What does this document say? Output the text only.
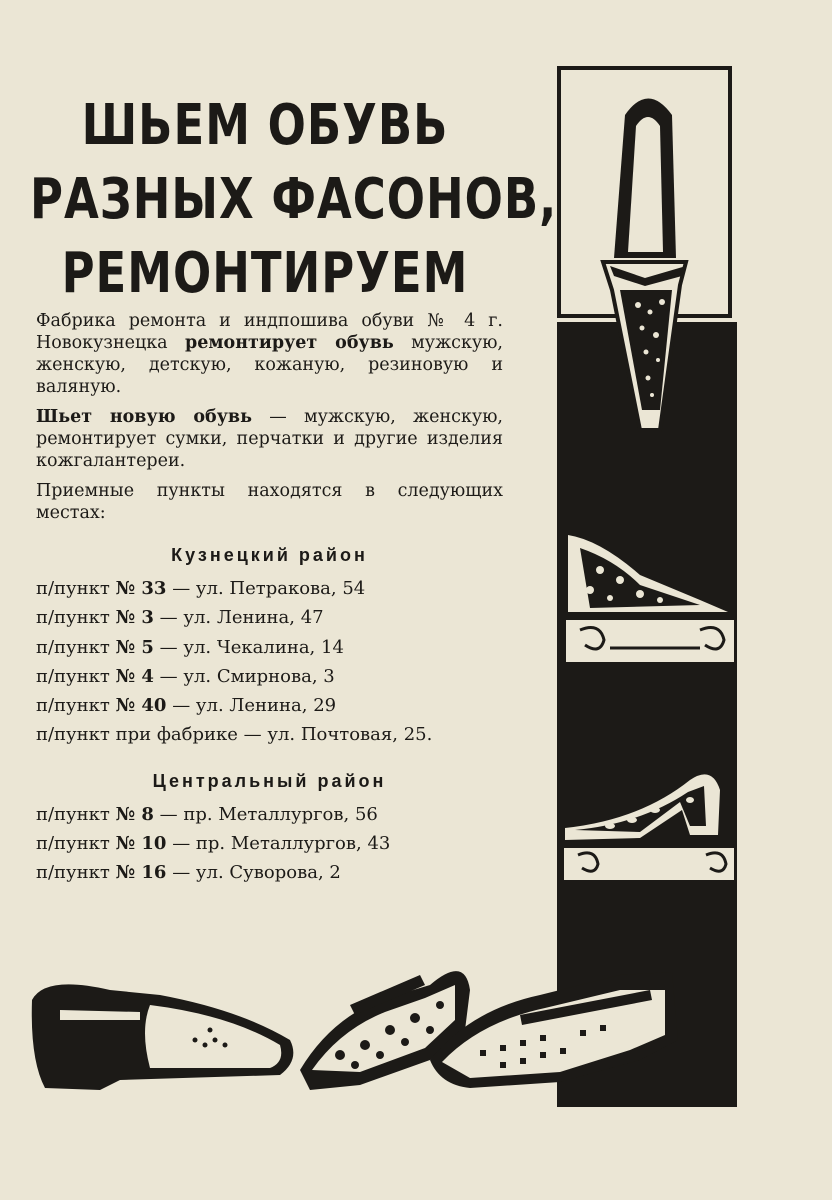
ШЬЕМ ОБУВЬ
РАЗНЫХ ФАСОНОВ,
РЕМОНТИРУЕМ
Фабрика ремонта и индпошива обуви № 4 г. Новокузнецка ремонтирует обувь мужскую, женскую, детскую, кожаную, резиновую и валяную.
Шьет новую обувь — мужскую, женскую, ремонтирует сумки, перчатки и другие изделия кожгалантереи.
Приемные пункты находятся в следующих местах:
Кузнецкий район
п/пункт № 33 — ул. Петракова, 54
п/пункт № 3 — ул. Ленина, 47
п/пункт № 5 — ул. Чекалина, 14
п/пункт № 4 — ул. Смирнова, 3
п/пункт № 40 — ул. Ленина, 29
п/пункт при фабрике — ул. Почтовая, 25.
Центральный район
п/пункт № 8 — пр. Металлургов, 56
п/пункт № 10 — пр. Металлургов, 43
п/пункт № 16 — ул. Суворова, 2
